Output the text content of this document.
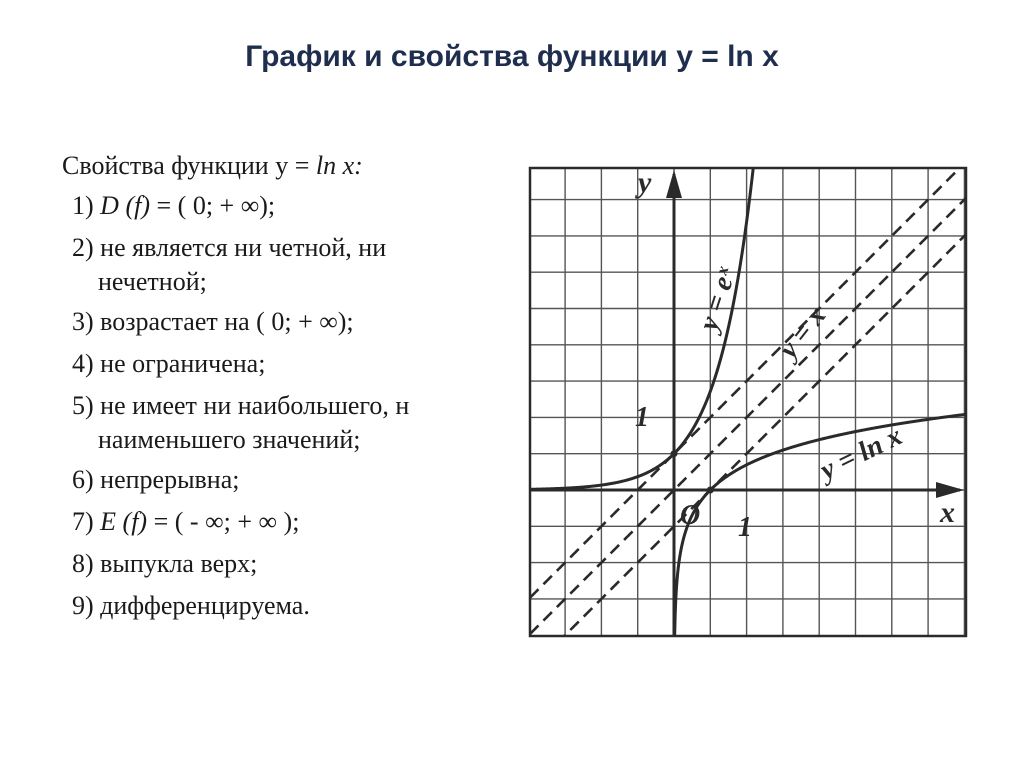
График и свойства функции y = ln x
Свойства функции y = ln x:
1) D (f) = ( 0; + ∞);
2) не является ни четной, ни
нечетной;
3) возрастает на ( 0; + ∞);
4) не ограничена;
5) не имеет ни наибольшего, н
наименьшего значений;
6) непрерывна;
7) E (f) = ( - ∞; + ∞ );
8) выпукла верх;
9) дифференцируема.
y
x
O
1
1
y = eˣ y = x
y = ln x
